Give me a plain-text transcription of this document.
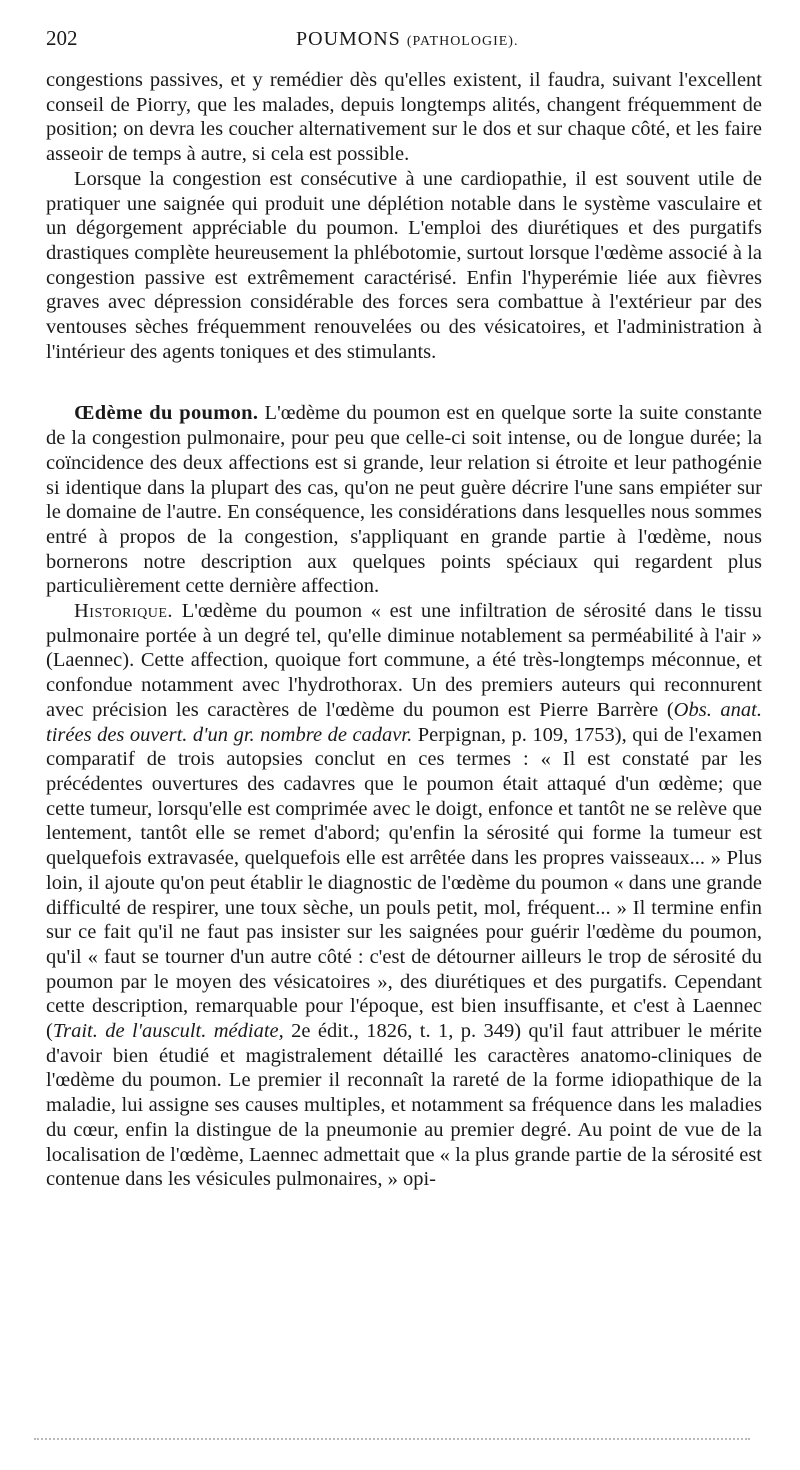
202	POUMONS (PATHOLOGIE).

congestions passives, et y remédier dès qu'elles existent, il faudra, suivant l'excellent conseil de Piorry, que les malades, depuis longtemps alités, changent fréquemment de position; on devra les coucher alternativement sur le dos et sur chaque côté, et les faire asseoir de temps à autre, si cela est possible.

Lorsque la congestion est consécutive à une cardiopathie, il est souvent utile de pratiquer une saignée qui produit une déplétion notable dans le système vasculaire et un dégorgement appréciable du poumon. L'emploi des diurétiques et des purgatifs drastiques complète heureusement la phlébotomie, surtout lorsque l'œdème associé à la congestion passive est extrêmement caractérisé. Enfin l'hyperémie liée aux fièvres graves avec dépression considérable des forces sera combattue à l'extérieur par des ventouses sèches fréquemment renouvelées ou des vésicatoires, et l'administration à l'intérieur des agents toniques et des stimulants.

Œdème du poumon. L'œdème du poumon est en quelque sorte la suite constante de la congestion pulmonaire, pour peu que celle-ci soit intense, ou de longue durée; la coïncidence des deux affections est si grande, leur relation si étroite et leur pathogénie si identique dans la plupart des cas, qu'on ne peut guère décrire l'une sans empiéter sur le domaine de l'autre. En conséquence, les considérations dans lesquelles nous sommes entré à propos de la congestion, s'appliquant en grande partie à l'œdème, nous bornerons notre description aux quelques points spéciaux qui regardent plus particulièrement cette dernière affection.

Historique. L'œdème du poumon « est une infiltration de sérosité dans le tissu pulmonaire portée à un degré tel, qu'elle diminue notablement sa perméabilité à l'air » (Laennec). Cette affection, quoique fort commune, a été très-longtemps méconnue, et confondue notamment avec l'hydrothorax. Un des premiers auteurs qui reconnurent avec précision les caractères de l'œdème du poumon est Pierre Barrère (Obs. anat. tirées des ouvert. d'un gr. nombre de cadavr. Perpignan, p. 109, 1753), qui de l'examen comparatif de trois autopsies conclut en ces termes : « Il est constaté par les précédentes ouvertures des cadavres que le poumon était attaqué d'un œdème; que cette tumeur, lorsqu'elle est comprimée avec le doigt, enfonce et tantôt ne se relève que lentement, tantôt elle se remet d'abord; qu'enfin la sérosité qui forme la tumeur est quelquefois extravasée, quelquefois elle est arrêtée dans les propres vaisseaux... » Plus loin, il ajoute qu'on peut établir le diagnostic de l'œdème du poumon « dans une grande difficulté de respirer, une toux sèche, un pouls petit, mol, fréquent... » Il termine enfin sur ce fait qu'il ne faut pas insister sur les saignées pour guérir l'œdème du poumon, qu'il « faut se tourner d'un autre côté : c'est de détourner ailleurs le trop de sérosité du poumon par le moyen des vésicatoires », des diurétiques et des purgatifs. Cependant cette description, remarquable pour l'époque, est bien insuffisante, et c'est à Laennec (Trait. de l'auscult. médiate, 2e édit., 1826, t. 1, p. 349) qu'il faut attribuer le mérite d'avoir bien étudié et magistralement détaillé les caractères anatomo-cliniques de l'œdème du poumon. Le premier il reconnaît la rareté de la forme idiopathique de la maladie, lui assigne ses causes multiples, et notamment sa fréquence dans les maladies du cœur, enfin la distingue de la pneumonie au premier degré. Au point de vue de la localisation de l'œdème, Laennec admettait que « la plus grande partie de la sérosité est contenue dans les vésicules pulmonaires, » opi-
